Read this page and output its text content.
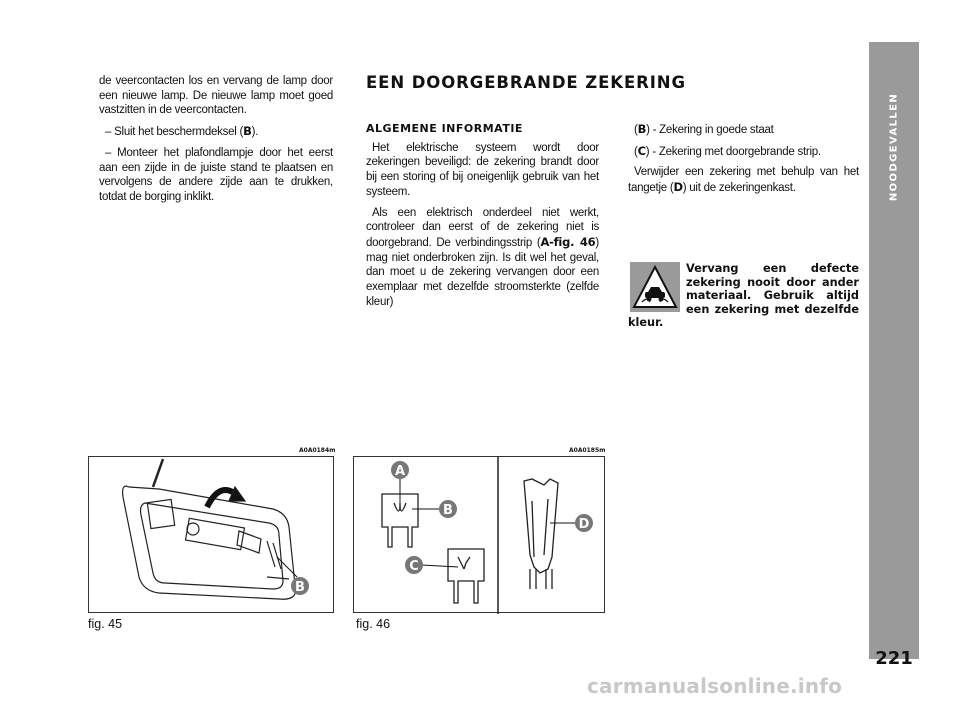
NOODGEVALLEN
221

de veercontacten los en vervang de lamp door een nieuwe lamp. De nieuwe lamp moet goed vastzitten in de veercontacten.

– Sluit het beschermdeksel (B).

– Monteer het plafondlampje door het eerst aan een zijde in de juiste stand te plaatsen en vervolgens de andere zijde aan te drukken, totdat de borging inklikt.

EEN DOORGEBRANDE ZEKERING
ALGEMENE INFORMATIE

Het elektrische systeem wordt door zekeringen beveiligd: de zekering brandt door bij een storing of bij oneigenlijk gebruik van het systeem.

Als een elektrisch onderdeel niet werkt, controleer dan eerst of de zekering niet is doorgebrand. De verbindingsstrip (A-fig. 46) mag niet onderbroken zijn. Is dit wel het geval, dan moet u de zekering vervangen door een exemplaar met dezelfde stroomsterkte (zelfde kleur)

(B) - Zekering in goede staat

(C) - Zekering met doorgebrande strip.

Verwijder een zekering met behulp van het tangetje (D) uit de zekeringenkast.

Vervang een defecte zekering nooit door ander materiaal. Gebruik altijd een zekering met dezelfde kleur.
A0A0184m
B
fig. 45
A0A0185m
A
B
C
D
fig. 46
carmanualsonline.info
